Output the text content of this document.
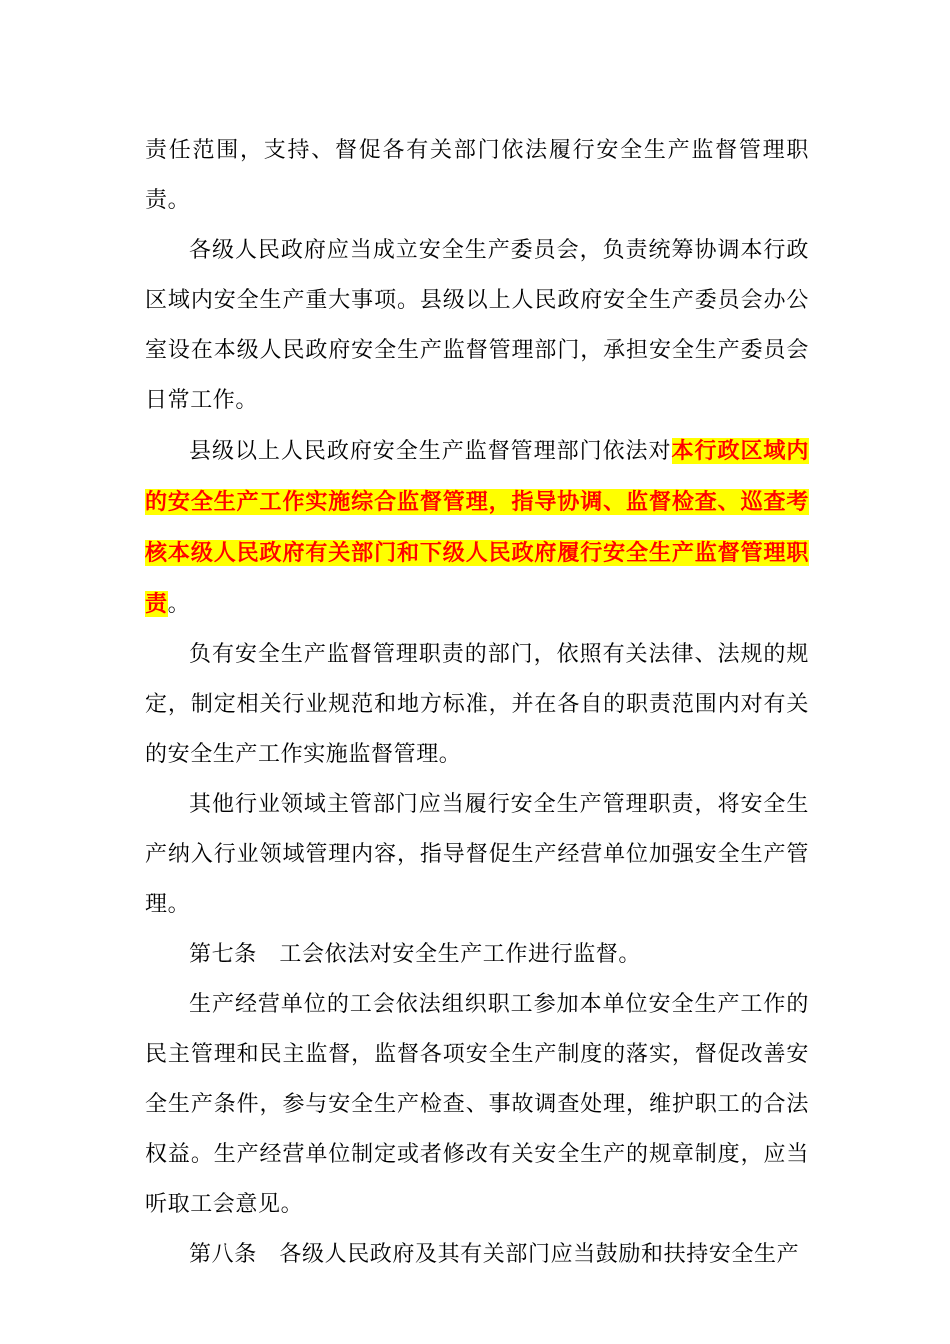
责任范围，支持、督促各有关部门依法履行安全生产监督管理职责。

各级人民政府应当成立安全生产委员会，负责统筹协调本行政区域内安全生产重大事项。县级以上人民政府安全生产委员会办公室设在本级人民政府安全生产监督管理部门，承担安全生产委员会日常工作。

县级以上人民政府安全生产监督管理部门依法对本行政区域内的安全生产工作实施综合监督管理，指导协调、监督检查、巡查考核本级人民政府有关部门和下级人民政府履行安全生产监督管理职责。

负有安全生产监督管理职责的部门，依照有关法律、法规的规定，制定相关行业规范和地方标准，并在各自的职责范围内对有关的安全生产工作实施监督管理。

其他行业领域主管部门应当履行安全生产管理职责，将安全生产纳入行业领域管理内容，指导督促生产经营单位加强安全生产管理。

第七条　工会依法对安全生产工作进行监督。

生产经营单位的工会依法组织职工参加本单位安全生产工作的民主管理和民主监督，监督各项安全生产制度的落实，督促改善安全生产条件，参与安全生产检查、事故调查处理，维护职工的合法权益。生产经营单位制定或者修改有关安全生产的规章制度，应当听取工会意见。

第八条　各级人民政府及其有关部门应当鼓励和扶持安全生产
